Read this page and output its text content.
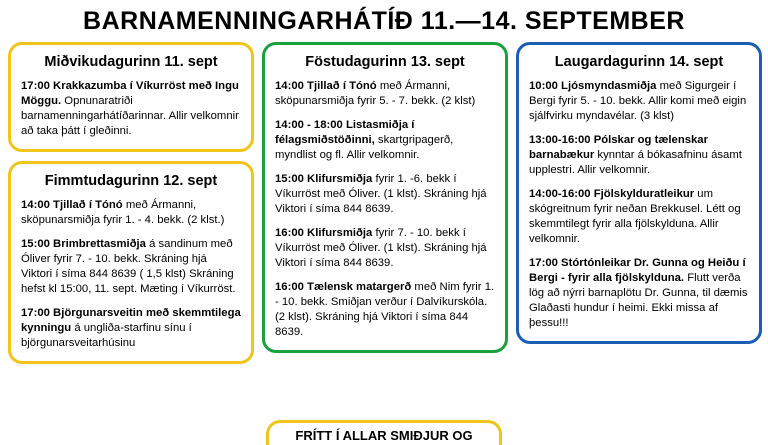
BARNAMENNINGARHÁTÍÐ 11.—14. SEPTEMBER
Miðvikudagurinn 11. sept
17:00 Krakkazumba í Víkurröst með Ingu Möggu. Opnunaratriði barnamenningarhátíðarinnar. Allir velkomnir að taka þátt í gleðinni.
Fimmtudagurinn 12. sept
14:00 Tjillað í Tónó með Ármanni, sköpunarsmiðja fyrir 1. - 4. bekk. (2 klst.)
15:00 Brimbrettasmiðja á sandinum með Óliver fyrir 7. - 10. bekk. Skráning hjá Viktori í síma 844 8639 ( 1,5 klst) Skráning hefst kl 15:00, 11. sept. Mæting í Víkurröst.
17:00 Björgunarsveitin með skemmtilega kynningu á ungliða-starfinu sínu í björgunarsveitarhúsinu
Föstudagurinn 13. sept
14:00 Tjillað í Tónó með Ármanni, sköpunarsmiðja fyrir 5. - 7. bekk. (2 klst)
14:00 - 18:00 Listasmiðja í félagsmiðstöðinni, skartgripagerð, myndlist og fl. Allir velkomnir.
15:00 Klifursmiðja fyrir 1. -6. bekk í Víkurröst með Óliver. (1 klst). Skráning hjá Viktori í síma 844 8639.
16:00 Klifursmiðja fyrir 7. - 10. bekk í Víkurröst með Óliver. (1 klst). Skráning hjá Viktori í síma 844 8639.
16:00 Tælensk matargerð með Nim fyrir 1. - 10. bekk. Smiðjan verður í Dalvíkurskóla. (2 klst). Skráning hjá Viktori í síma 844 8639.
Laugardagurinn 14. sept
10:00 Ljósmyndasmiðja með Sigurgeir í Bergi fyrir 5. - 10. bekk. Allir komi með eigin sjálfvirku myndavélar. (3 klst)
13:00-16:00 Pólskar og tælenskar barnabækur kynntar á bókasafninu ásamt upplestri. Allir velkomnir.
14:00-16:00 Fjölskylduratleikur um skógreitnum fyrir neðan Brekkusel. Létt og skemmtilegt fyrir alla fjölskylduna. Allir velkomnir.
17:00 Stórtónleikar Dr. Gunna og Heiðu í Bergi - fyrir alla fjölskylduna. Flutt verða lög að nýrri barnaplötu Dr. Gunna, til dæmis Glaðasti hundur í heimi. Ekki missa af þessu!!!
FRÍTT Í ALLAR SMIÐJUR OG
